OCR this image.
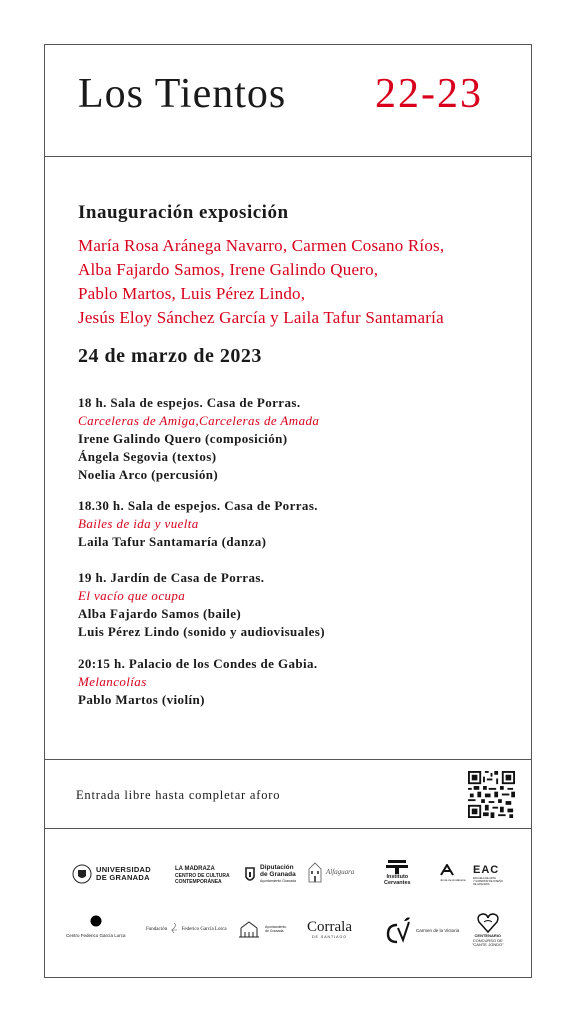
Los Tientos 22-23
Inauguración exposición
María Rosa Aránega Navarro, Carmen Cosano Ríos,
Alba Fajardo Samos, Irene Galindo Quero,
Pablo Martos, Luis Pérez Lindo,
Jesús Eloy Sánchez García y Laila Tafur Santamaría
24 de marzo de 2023
18 h. Sala de espejos. Casa de Porras.
Carceleras de Amiga,Carceleras de Amada
Irene Galindo Quero (composición)
Ángela Segovia (textos)
Noelia Arco (percusión)
18.30 h. Sala de espejos. Casa de Porras.
Bailes de ida y vuelta
Laila Tafur Santamaría (danza)
19 h. Jardín de Casa de Porras.
El vacío que ocupa
Alba Fajardo Samos (baile)
Luis Pérez Lindo (sonido y audiovisuales)
20:15 h. Palacio de los Condes de Gabia.
Melancolías
Pablo Martos (violín)
Entrada libre hasta completar aforo
UNIVERSIDAD
DE GRANADA
LA MADRAZA
CENTRO DE CULTURA
CONTEMPORÁNEA
Diputación
de Granada
Ayuntamiento Granada
Alfaguara
Instituto
Cervantes	Junta de Andalucía
EAC
ESCUELA DE ARTE
Y SUPERIOR DE DISEÑO
DE GRANADA
Centro Federico García Lorca
Fundación	Federico García Lorca
Ayuntamiento
de Granada Corrala
DE SANTIAGO
Carmen de la Victoria
CENTENARIO
CONCURSO DE
"CANTE JONDO"
